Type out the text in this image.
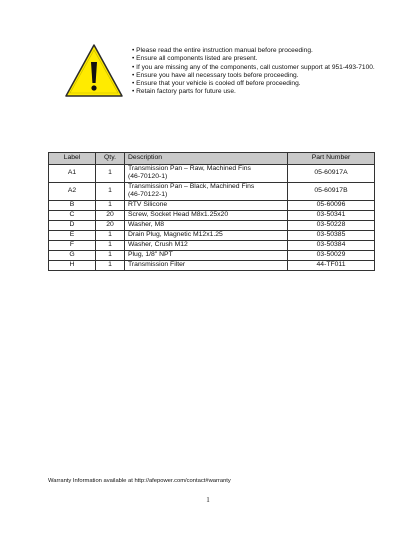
• Please read the entire instruction manual before proceeding.
• Ensure all components listed are present.
• If you are missing any of the components, call customer support at 951-493-7100.
• Ensure you have all necessary tools before proceeding.
• Ensure that your vehicle is cooled off before proceeding.
• Retain factory parts for future use.
Label	Qty.	Description	Part Number
A1	1	Transmission Pan – Raw, Machined Fins
(46-70120-1)	05-60917A
A2	1	Transmission Pan – Black, Machined Fins
(46-70122-1)	05-60917B
B	1	RTV Silicone	05-60096
C	20	Screw, Socket Head M8x1.25x20	03-50341
D	20	Washer, M8	03-50228
E	1	Drain Plug, Magnetic M12x1.25	03-50385
F	1	Washer, Crush M12	03-50384
G	1	Plug, 1/8" NPT	03-50029
H	1	Transmission Filter	44-TF011
Warranty Information available at http://afepower.com/contact#warranty
1
